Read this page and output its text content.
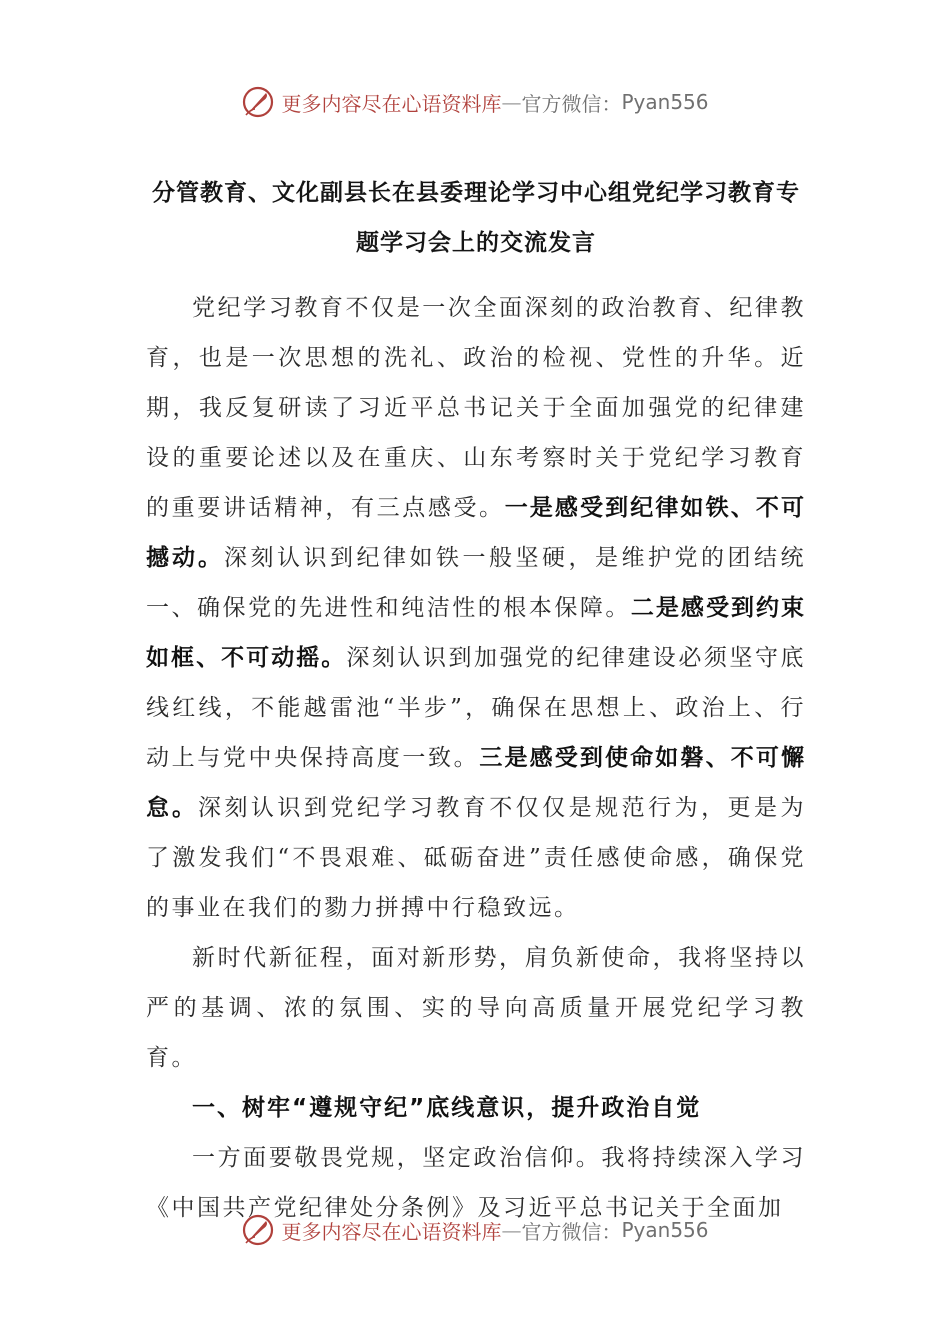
更多内容尽在心语资料库 — 官方微信： Pyan556
分管教育、文化副县长在县委理论学习中心组党纪学习教育专题学习会上的交流发言

党纪学习教育不仅是一次全面深刻的政治教育、纪律教育，也是一次思想的洗礼、政治的检视、党性的升华。近期，我反复研读了习近平总书记关于全面加强党的纪律建设的重要论述以及在重庆、山东考察时关于党纪学习教育的重要讲话精神，有三点感受。一是感受到纪律如铁、不可撼动。深刻认识到纪律如铁一般坚硬，是维护党的团结统一、确保党的先进性和纯洁性的根本保障。二是感受到约束如框、不可动摇。深刻认识到加强党的纪律建设必须坚守底线红线，不能越雷池“半步”，确保在思想上、政治上、行动上与党中央保持高度一致。三是感受到使命如磐、不可懈怠。深刻认识到党纪学习教育不仅仅是规范行为，更是为了激发我们“不畏艰难、砥砺奋进”责任感使命感，确保党的事业在我们的勠力拼搏中行稳致远。

新时代新征程，面对新形势，肩负新使命，我将坚持以严的基调、浓的氛围、实的导向高质量开展党纪学习教育。

一、树牢“遵规守纪”底线意识，提升政治自觉

一方面要敬畏党规，坚定政治信仰。我将持续深入学习《中国共产党纪律处分条例》及习近平总书记关于全面加

更多内容尽在心语资料库 — 官方微信： Pyan556
